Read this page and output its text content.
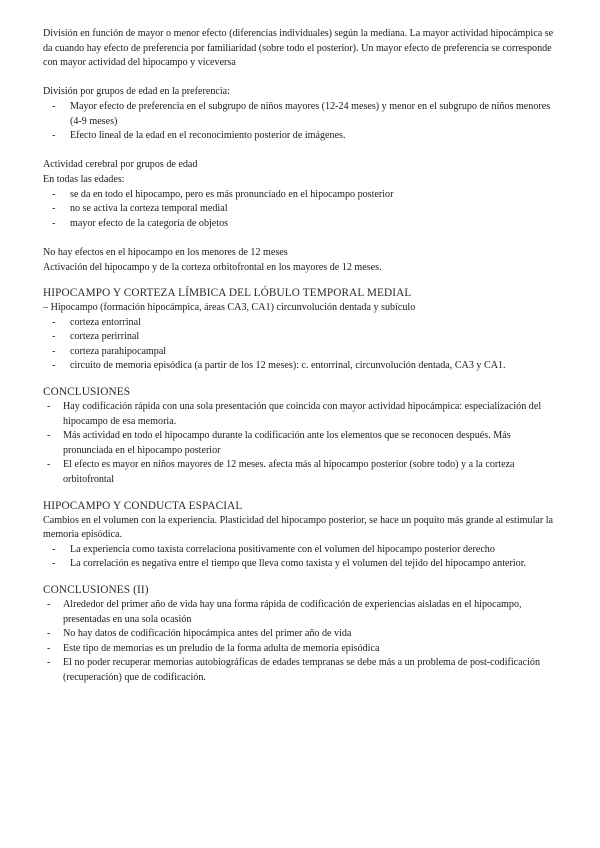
División en función de mayor o menor efecto (diferencias individuales) según la mediana. La mayor actividad hipocámpica se da cuando hay efecto de preferencia por familiaridad (sobre todo el posterior). Un mayor efecto de preferencia se corresponde con mayor actividad del hipocampo y viceversa

División por grupos de edad en la preferencia:

- Mayor efecto de preferencia en el subgrupo de niños mayores (12-24 meses) y menor en el subgrupo de niños menores (4-9 meses)
- Efecto lineal de la edad en el reconocimiento posterior de imágenes.

Actividad cerebral por grupos de edad

En todas las edades:

- se da en todo el hipocampo, pero es más pronunciado en el hipocampo posterior
- no se activa la corteza temporal medial
- mayor efecto de la categoría de objetos

No hay efectos en el hipocampo en los menores de 12 meses

Activación del hipocampo y de la corteza orbitofrontal en los mayores de 12 meses.

HIPOCAMPO Y CORTEZA LÍMBICA DEL LÓBULO TEMPORAL MEDIAL

– Hipocampo (formación hipocámpica, áreas CA3, CA1) circunvolución dentada y subículo

- corteza entorrinal
- corteza perirrinal
- corteza parahipocampal
- circuito de memoria episódica (a partir de los 12 meses): c. entorrinal, circunvolución dentada, CA3 y CA1.
CONCLUSIONES
- Hay codificación rápida con una sola presentación que coincida con mayor actividad hipocámpica: especialización del hipocampo de esa memoria.
- Más actividad en todo el hipocampo durante la codificación ante los elementos que se reconocen después. Más pronunciada en el hipocampo posterior
- El efecto es mayor en niños mayores de 12 meses. afecta más al hipocampo posterior (sobre todo) y a la corteza orbitofrontal
HIPOCAMPO Y CONDUCTA ESPACIAL

Cambios en el volumen con la experiencia. Plasticidad del hipocampo posterior, se hace un poquito más grande al estimular la memoria episódica.

- La experiencia como taxista correlaciona positivamente con el volumen del hipocampo posterior derecho
- La correlación es negativa entre el tiempo que lleva como taxista y el volumen del tejido del hipocampo anterior.
CONCLUSIONES (II)
- Alrededor del primer año de vida hay una forma rápida de codificación de experiencias aisladas en el hipocampo, presentadas en una sola ocasión
- No hay datos de codificación hipocámpica antes del primer año de vida
- Este tipo de memorias es un preludio de la forma adulta de memoria episódica
- El no poder recuperar memorias autobiográficas de edades tempranas se debe más a un problema de post-codificación (recuperación) que de codificación.
